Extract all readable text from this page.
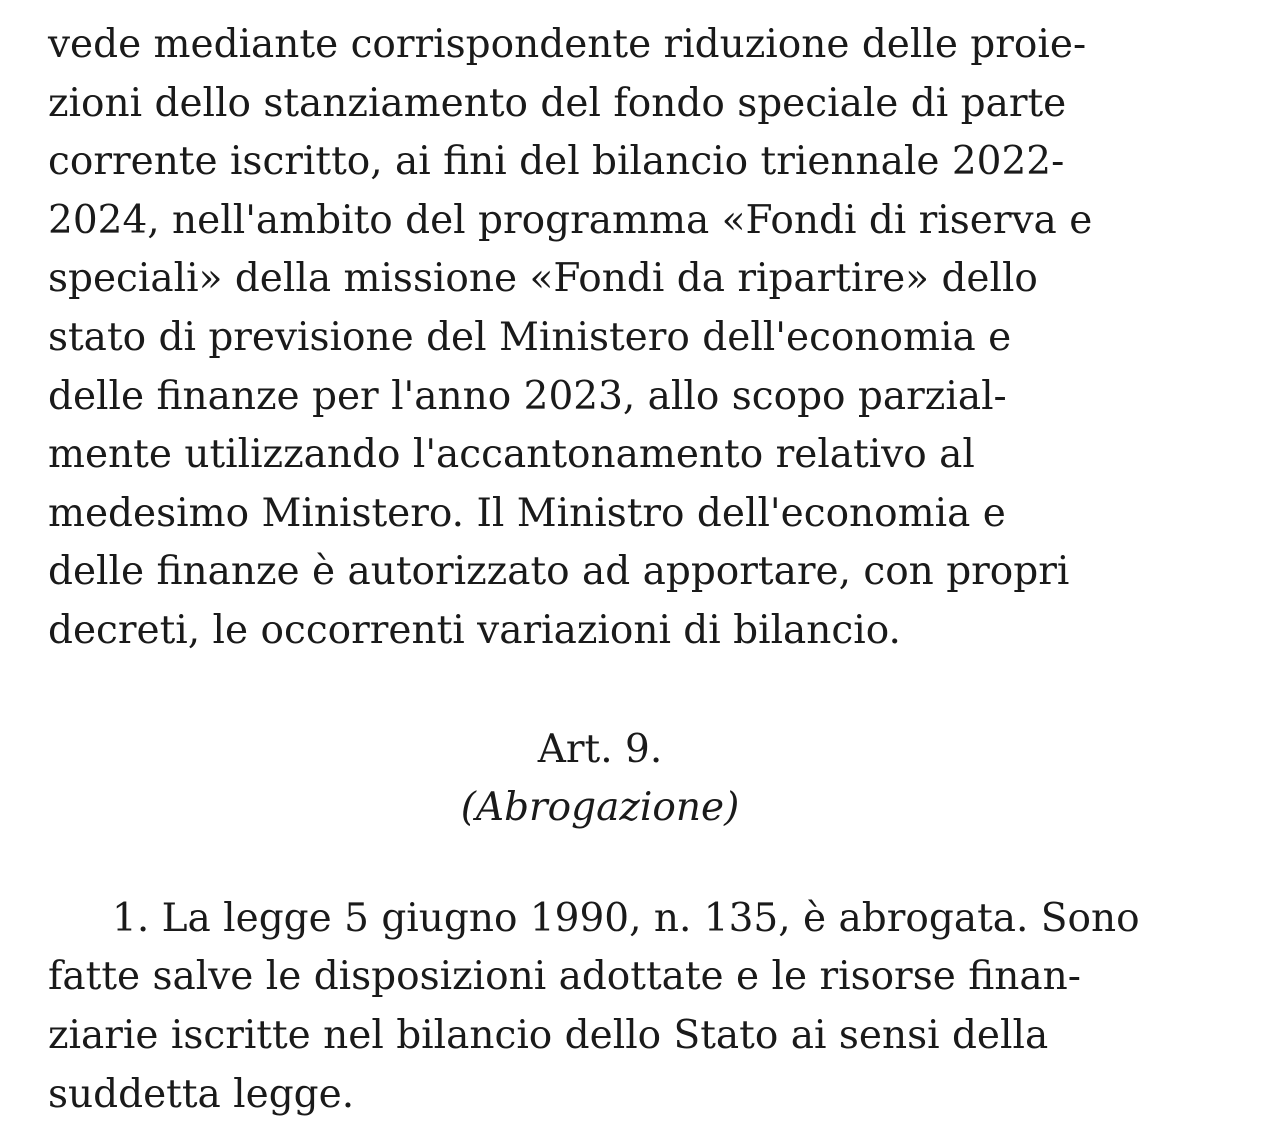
vede mediante corrispondente riduzione delle proie-
zioni dello stanziamento del fondo speciale di parte
corrente iscritto, ai fini del bilancio triennale 2022-
2024, nell'ambito del programma «Fondi di riserva e
speciali» della missione «Fondi da ripartire» dello
stato di previsione del Ministero dell'economia e
delle finanze per l'anno 2023, allo scopo parzial-
mente utilizzando l'accantonamento relativo al
medesimo Ministero. Il Ministro dell'economia e
delle finanze è autorizzato ad apportare, con propri
decreti, le occorrenti variazioni di bilancio.
Art. 9.
(Abrogazione)
1. La legge 5 giugno 1990, n. 135, è abrogata. Sono
fatte salve le disposizioni adottate e le risorse finan-
ziarie iscritte nel bilancio dello Stato ai sensi della
suddetta legge.
